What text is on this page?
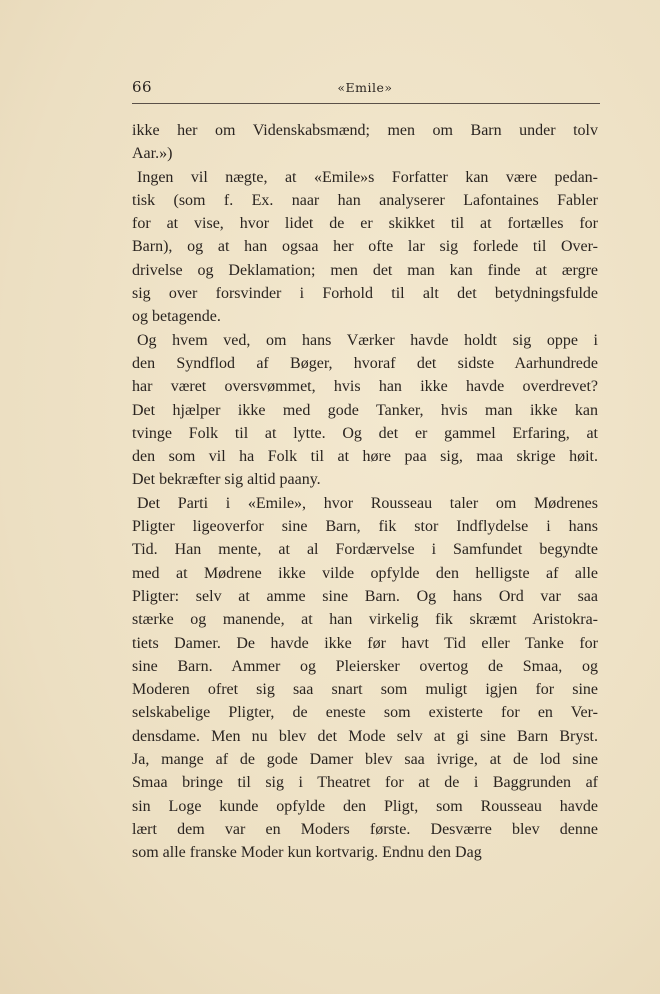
66	«Emile»
ikke her om Videnskabsmænd; men om Barn under tolv
Aar.»)
Ingen vil nægte, at «Emile»s Forfatter kan være pedan-
tisk (som f. Ex. naar han analyserer Lafontaines Fabler
for at vise, hvor lidet de er skikket til at fortælles for
Barn), og at han ogsaa her ofte lar sig forlede til Over-
drivelse og Deklamation; men det man kan finde at ærgre
sig over forsvinder i Forhold til alt det betydningsfulde
og betagende.
Og hvem ved, om hans Værker havde holdt sig oppe i
den Syndflod af Bøger, hvoraf det sidste Aarhundrede
har været oversvømmet, hvis han ikke havde overdrevet?
Det hjælper ikke med gode Tanker, hvis man ikke kan
tvinge Folk til at lytte. Og det er gammel Erfaring, at
den som vil ha Folk til at høre paa sig, maa skrige høit.
Det bekræfter sig altid paany.
Det Parti i «Emile», hvor Rousseau taler om Mødrenes
Pligter ligeoverfor sine Barn, fik stor Indflydelse i hans
Tid. Han mente, at al Fordærvelse i Samfundet begyndte
med at Mødrene ikke vilde opfylde den helligste af alle
Pligter: selv at amme sine Barn. Og hans Ord var saa
stærke og manende, at han virkelig fik skræmt Aristokra-
tiets Damer. De havde ikke før havt Tid eller Tanke for
sine Barn. Ammer og Pleiersker overtog de Smaa, og
Moderen ofret sig saa snart som muligt igjen for sine
selskabelige Pligter, de eneste som existerte for en Ver-
densdame. Men nu blev det Mode selv at gi sine Barn Bryst.
Ja, mange af de gode Damer blev saa ivrige, at de lod sine
Smaa bringe til sig i Theatret for at de i Baggrunden af
sin Loge kunde opfylde den Pligt, som Rousseau havde
lært dem var en Moders første. Desværre blev denne
som alle franske Moder kun kortvarig. Endnu den Dag
